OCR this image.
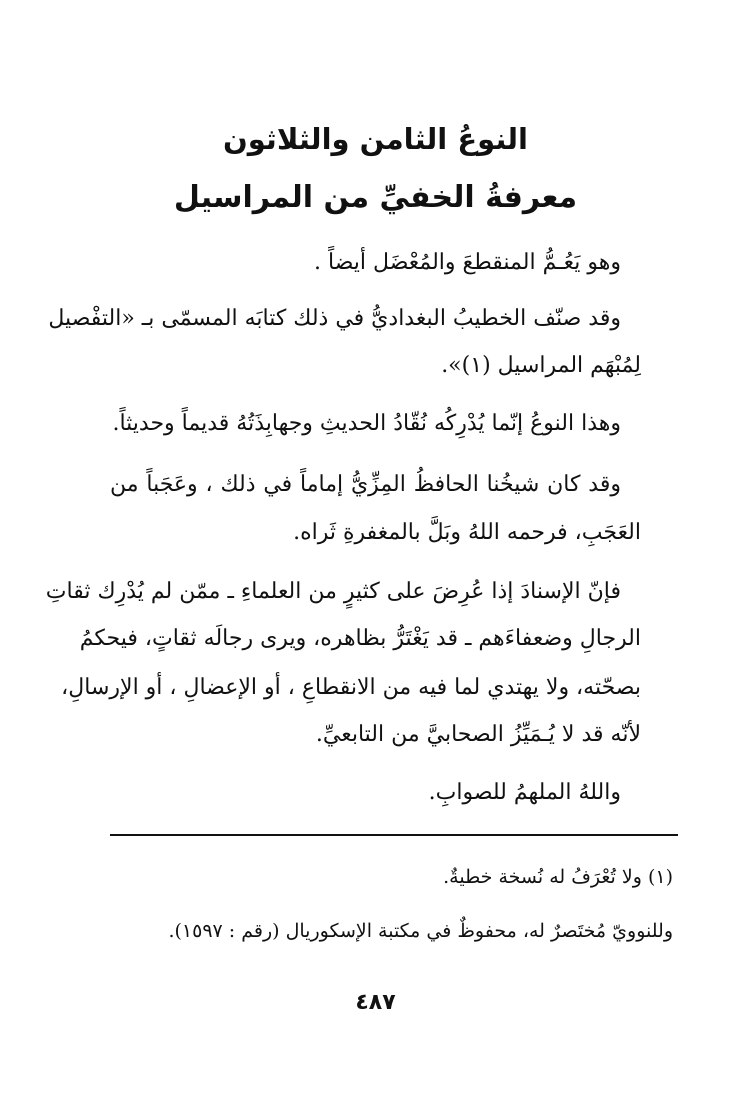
النوعُ الثامن والثلاثون
معرفةُ الخفيِّ من المراسيل
وهو يَعُـمُّ المنقطعَ والمُعْضَل أيضاً .
وقد صنّف الخطيبُ البغداديُّ في ذلك كتابَه المسمّى بـ «التفْصيل
لِمُبْهَم المراسيل (١)».
وهذا النوعُ إنّما يُدْرِكُه نُقّادُ الحديثِ وجهابِذَتُهُ قديماً وحديثاً.
وقد كان شيخُنا الحافظُ المِزِّيُّ إماماً في ذلك ، وعَجَباً من
العَجَبِ، فرحمه اللهُ وبَلَّ بالمغفرةِ ثَراه.
فإنّ الإسنادَ إذا عُرِضَ على كثيرٍ من العلماءِ ـ ممّن لم يُدْرِك ثقاتِ
الرجالِ وضعفاءَهم ـ قد يَغْتَرُّ بظاهره، ويرى رجالَه ثقاتٍ، فيحكمُ
بصحّته، ولا يهتدي لما فيه من الانقطاعِ ، أو الإعضالِ ، أو الإرسالِ،
لأنّه قد لا يُـمَيِّزُ الصحابيَّ من التابعيِّ.
واللهُ الملهمُ للصوابِ.
(١) ولا تُعْرَفُ له نُسخة خطيةٌ.
وللنوويّ مُختَصرٌ له، محفوظٌ في مكتبة الإسكوريال (رقم : ١٥٩٧).
٤٨٧
